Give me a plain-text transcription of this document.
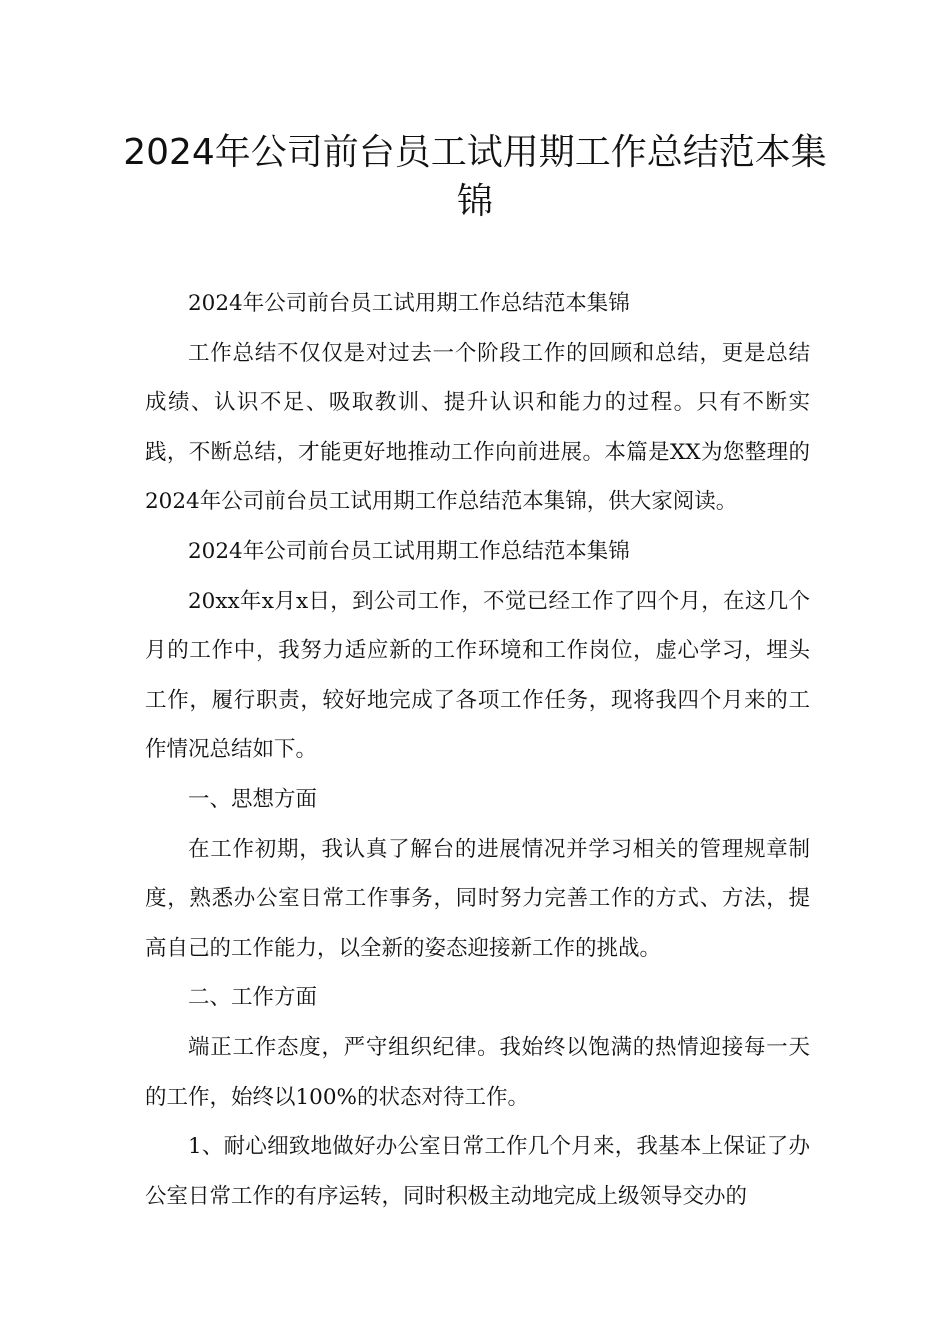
2024年公司前台员工试用期工作总结范本集锦

2024年公司前台员工试用期工作总结范本集锦

工作总结不仅仅是对过去一个阶段工作的回顾和总结，更是总结成绩、认识不足、吸取教训、提升认识和能力的过程。只有不断实践，不断总结，才能更好地推动工作向前进展。本篇是XX为您整理的2024年公司前台员工试用期工作总结范本集锦，供大家阅读。

2024年公司前台员工试用期工作总结范本集锦

20xx年x月x日，到公司工作，不觉已经工作了四个月，在这几个月的工作中，我努力适应新的工作环境和工作岗位，虚心学习，埋头工作，履行职责，较好地完成了各项工作任务，现将我四个月来的工作情况总结如下。

一、思想方面

在工作初期，我认真了解台的进展情况并学习相关的管理规章制度，熟悉办公室日常工作事务，同时努力完善工作的方式、方法，提高自己的工作能力，以全新的姿态迎接新工作的挑战。

二、工作方面

端正工作态度，严守组织纪律。我始终以饱满的热情迎接每一天的工作，始终以100%的状态对待工作。

1、耐心细致地做好办公室日常工作几个月来，我基本上保证了办公室日常工作的有序运转，同时积极主动地完成上级领导交办的
